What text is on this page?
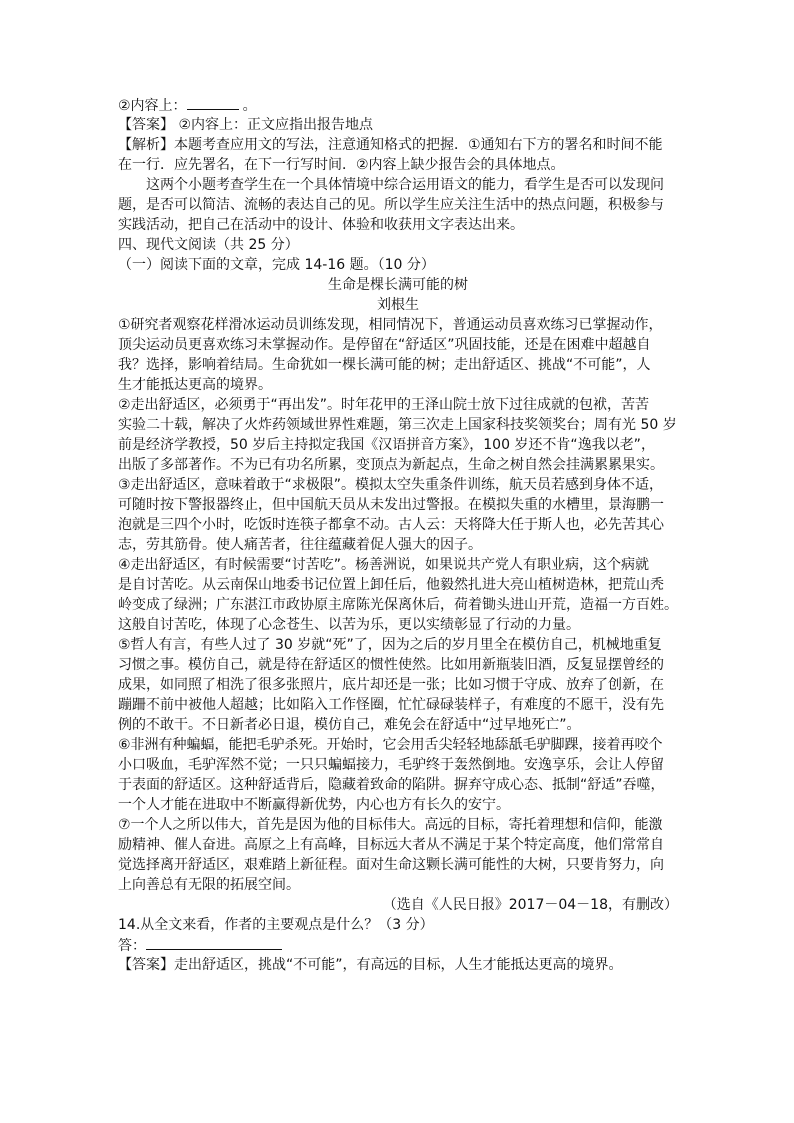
②内容上：	。
【答案】 ②内容上：正文应指出报告地点
【解析】本题考查应用文的写法，注意通知格式的把握．①通知右下方的署名和时间不能
在一行．应先署名，在下一行写时间．②内容上缺少报告会的具体地点。
这两个小题考查学生在一个具体情境中综合运用语文的能力，看学生是否可以发现问
题，是否可以简洁、流畅的表达自己的见。所以学生应关注生活中的热点问题，积极参与
实践活动，把自己在活动中的设计、体验和收获用文字表达出来。
四、现代文阅读（共 25 分）
（一）阅读下面的文章，完成 14-16 题。（10 分）
生命是棵长满可能的树
刘根生
①研究者观察花样滑冰运动员训练发现，相同情况下，普通运动员喜欢练习已掌握动作，
顶尖运动员更喜欢练习未掌握动作。是停留在“舒适区”巩固技能，还是在困难中超越自
我？选择，影响着结局。生命犹如一棵长满可能的树；走出舒适区、挑战“不可能”，人
生才能抵达更高的境界。
②走出舒适区，必须勇于“再出发”。时年花甲的王泽山院士放下过往成就的包袱，苦苦
实验二十载，解决了火炸药领域世界性难题，第三次走上国家科技奖领奖台；周有光 50 岁
前是经济学教授，50 岁后主持拟定我国《汉语拼音方案》，100 岁还不肯“逸我以老”，
出版了多部著作。不为已有功名所累，变顶点为新起点，生命之树自然会挂满累累果实。
③走出舒适区，意味着敢于“求极限”。模拟太空失重条件训练，航天员若感到身体不适，
可随时按下警报器终止，但中国航天员从未发出过警报。在模拟失重的水槽里，景海鹏一
泡就是三四个小时，吃饭时连筷子都拿不动。古人云：天将降大任于斯人也，必先苦其心
志，劳其筋骨。使人痛苦者，往往蕴藏着促人强大的因子。
④走出舒适区，有时候需要“讨苦吃”。杨善洲说，如果说共产党人有职业病，这个病就
是自讨苦吃。从云南保山地委书记位置上卸任后，他毅然扎进大亮山植树造林，把荒山秃
岭变成了绿洲；广东湛江市政协原主席陈光保离休后，荷着锄头进山开荒，造福一方百姓。
这般自讨苦吃，体现了心念苍生、以苦为乐，更以实绩彰显了行动的力量。
⑤哲人有言，有些人过了 30 岁就“死”了，因为之后的岁月里全在模仿自己，机械地重复
习惯之事。模仿自己，就是待在舒适区的惯性使然。比如用新瓶装旧酒，反复显摆曾经的
成果，如同照了相洗了很多张照片，底片却还是一张；比如习惯于守成、放弃了创新，在
蹦跚不前中被他人超越；比如陷入工作怪圈，忙忙碌碌装样子，有难度的不愿干，没有先
例的不敢干。不日新者必日退，模仿自己，难免会在舒适中“过早地死亡”。
⑥非洲有种蝙蝠，能把毛驴杀死。开始时，它会用舌尖轻轻地舔舐毛驴脚踝，接着再咬个
小口吸血，毛驴浑然不觉；一只只蝙蝠接力，毛驴终于轰然倒地。安逸享乐，会让人停留
于表面的舒适区。这种舒适背后，隐藏着致命的陷阱。摒弃守成心态、抵制“舒适”吞噬，
一个人才能在进取中不断赢得新优势，内心也方有长久的安宁。
⑦一个人之所以伟大，首先是因为他的目标伟大。高远的目标，寄托着理想和信仰，能激
励精神、催人奋进。高原之上有高峰，目标远大者从不满足于某个特定高度，他们常常自
觉选择离开舒适区，艰难踏上新征程。面对生命这颗长满可能性的大树，只要肯努力，向
上向善总有无限的拓展空间。
（选自《人民日报》2017－04－18，有删改）
14.从全文来看，作者的主要观点是什么？（3 分）
答：
【答案】走出舒适区，挑战“不可能”，有高远的目标，人生才能抵达更高的境界。
